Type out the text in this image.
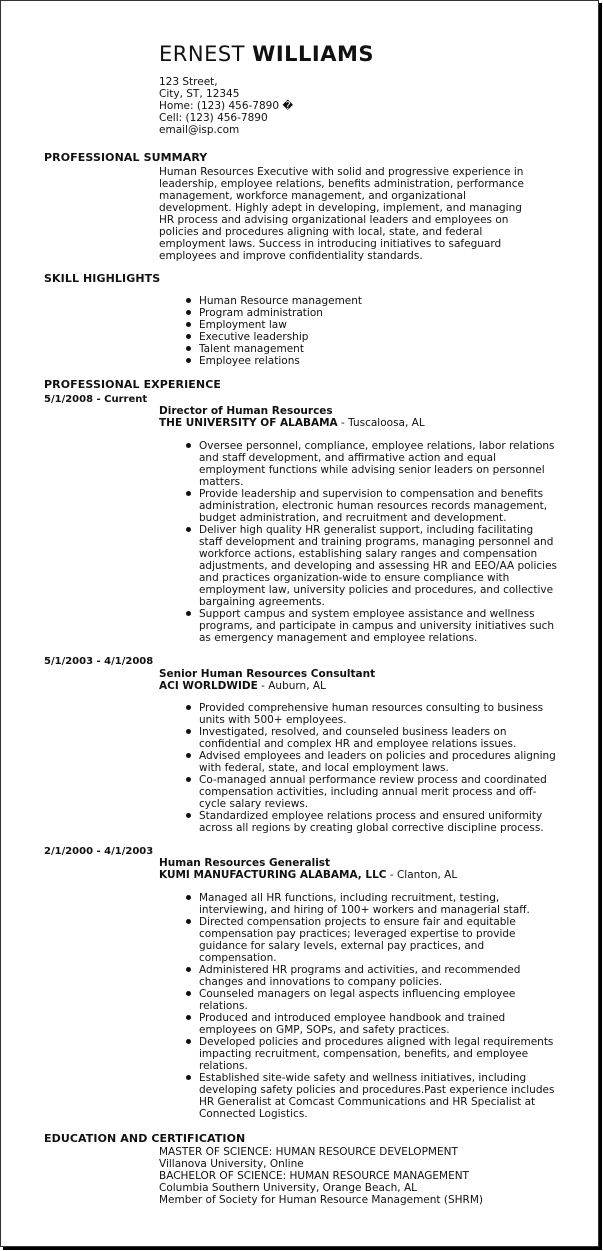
ERNEST WILLIAMS
123 Street,
City, ST, 12345
Home: (123) 456-7890 �
Cell: (123) 456-7890
email@isp.com
PROFESSIONAL SUMMARY
Human Resources Executive with solid and progressive experience in leadership, employee relations, benefits administration, performance management, workforce management, and organizational development. Highly adept in developing, implement, and managing HR process and advising organizational leaders and employees on policies and procedures aligning with local, state, and federal employment laws. Success in introducing initiatives to safeguard employees and improve confidentiality standards.
SKILL HIGHLIGHTS
Human Resource management
Program administration
Employment law
Executive leadership
Talent management
Employee relations
PROFESSIONAL EXPERIENCE
5/1/2008 - Current
Director of Human Resources
THE UNIVERSITY OF ALABAMA - Tuscaloosa, AL
Oversee personnel, compliance, employee relations, labor relations and staff development, and affirmative action and equal employment functions while advising senior leaders on personnel matters.
Provide leadership and supervision to compensation and benefits administration, electronic human resources records management, budget administration, and recruitment and development.
Deliver high quality HR generalist support, including facilitating staff development and training programs, managing personnel and workforce actions, establishing salary ranges and compensation adjustments, and developing and assessing HR and EEO/AA policies and practices organization-wide to ensure compliance with employment law, university policies and procedures, and collective bargaining agreements.
Support campus and system employee assistance and wellness programs, and participate in campus and university initiatives such as emergency management and employee relations.
5/1/2003 - 4/1/2008
Senior Human Resources Consultant
ACI WORLDWIDE - Auburn, AL
Provided comprehensive human resources consulting to business units with 500+ employees.
Investigated, resolved, and counseled business leaders on confidential and complex HR and employee relations issues.
Advised employees and leaders on policies and procedures aligning with federal, state, and local employment laws.
Co-managed annual performance review process and coordinated compensation activities, including annual merit process and off-cycle salary reviews.
Standardized employee relations process and ensured uniformity across all regions by creating global corrective discipline process.
2/1/2000 - 4/1/2003
Human Resources Generalist
KUMI MANUFACTURING ALABAMA, LLC - Clanton, AL
Managed all HR functions, including recruitment, testing, interviewing, and hiring of 100+ workers and managerial staff.
Directed compensation projects to ensure fair and equitable compensation pay practices; leveraged expertise to provide guidance for salary levels, external pay practices, and compensation.
Administered HR programs and activities, and recommended changes and innovations to company policies.
Counseled managers on legal aspects influencing employee relations.
Produced and introduced employee handbook and trained employees on GMP, SOPs, and safety practices.
Developed policies and procedures aligned with legal requirements impacting recruitment, compensation, benefits, and employee relations.
Established site-wide safety and wellness initiatives, including developing safety policies and procedures.Past experience includes HR Generalist at Comcast Communications and HR Specialist at Connected Logistics.
EDUCATION AND CERTIFICATION
MASTER OF SCIENCE: HUMAN RESOURCE DEVELOPMENT
Villanova University, Online
BACHELOR OF SCIENCE: HUMAN RESOURCE MANAGEMENT
Columbia Southern University, Orange Beach, AL
Member of Society for Human Resource Management (SHRM)
